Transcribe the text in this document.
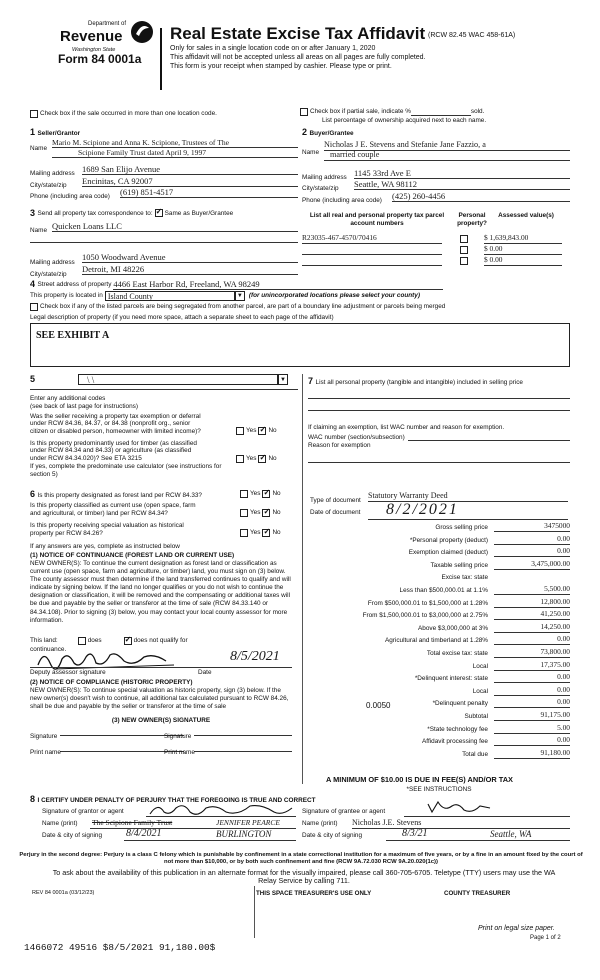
Department of
Revenue
Washington State
Form 84 0001a
Real Estate Excise Tax Affidavit (RCW 82.45 WAC 458-61A)
Only for sales in a single location code on or after January 1, 2020
This affidavit will not be accepted unless all areas on all pages are fully completed.
This form is your receipt when stamped by cashier. Please type or print.
Check box if the sale occurred in more than one location code.	Check box if partial sale, indicate %	sold.
List percentage of ownership acquired next to each name.
1 Seller/Grantor
Name
Mario M. Scipione and Anna K. Scipione, Trustees of The
Scipione Family Trust dated April 9, 1997
Mailing address 1689 San Elijo Avenue
City/state/zip Encinitas, CA 92007
Phone (including area code) (619) 851-4517
2 Buyer/Grantee
Name
Nicholas J E. Stevens and Stefanie Jane Fazzio, a
married couple
Mailing address 1145 33rd Ave E
City/state/zip Seattle, WA 98112
Phone (including area code) (425) 260-4456
3 Send all property tax correspondence to: ✓ Same as Buyer/Grantee
Name Quicken Loans LLC
Mailing address
1050 Woodward Avenue
City/state/zip
Detroit, MI 48226
List all real and personal property tax parcel account numbers
Personal property?
Assessed value(s)
R23035-467-4570/70416	$ 1,639,843.00
$ 0.00
$ 0.00
4 Street address of property 4466 East Harbor Rd, Freeland, WA 98249
This property is located in Island County	▼ (for unincorporated locations please select your county)
Check box if any of the listed parcels are being segregated from another parcel, are part of a boundary line adjustment or parcels being merged
Legal description of property (if you need more space, attach a separate sheet to each page of the affidavit)
SEE EXHIBIT A
5	\ \	▼
Enter any additional codes
(see back of last page for instructions)
Was the seller receiving a property tax exemption or deferral
under RCW 84.36, 84.37, or 84.38 (nonprofit org., senior
citizen or disabled person, homeowner with limited income)?	Yes ✓ No
Is this property predominantly used for timber (as classified
under RCW 84.34 and 84.33) or agriculture (as classified
under RCW 84.34.020)? See ETA 3215	Yes ✓ No
If yes, complete the predominate use calculator (see instructions for
section 5)
6 Is this property designated as forest land per RCW 84.33?	Yes ✓ No
Is this property classified as current use (open space, farm
and agricultural, or timber) land per RCW 84.34?	Yes ✓ No
Is this property receiving special valuation as historical
property per RCW 84.26?	Yes ✓ No
If any answers are yes, complete as instructed below
(1) NOTICE OF CONTINUANCE (FOREST LAND OR CURRENT USE)
NEW OWNER(S): To continue the current designation as forest land or classification as current use (open space, farm and agriculture, or timber) land, you must sign on (3) below. The county assessor must then determine if the land transferred continues to qualify and will indicate by signing below. If the land no longer qualifies or you do not wish to continue the designation or classification, it will be removed and the compensating or additional taxes will be due and payable by the seller or transferor at the time of sale (RCW 84.33.140 or 84.34.108). Prior to signing (3) below, you may contact your local county assessor for more information.
This land:	does ✓	does not qualify for
continuance.	8/5/2021
Deputy assessor signature	Date
(2) NOTICE OF COMPLIANCE (HISTORIC PROPERTY)
NEW OWNER(S): To continue special valuation as historic property, sign (3) below. If the new owner(s) doesn't wish to continue, all additional tax calculated pursuant to RCW 84.26, shall be due and payable by the seller or transferor at the time of sale
(3) NEW OWNER(S) SIGNATURE
Signature	Signature
Print name	Print name
7 List all personal property (tangible and intangible) included in selling price
If claiming an exemption, list WAC number and reason for exemption.
WAC number (section/subsection)
Reason for exemption
Type of document
Statutory Warranty Deed
Date of document	8/2/2021
Gross selling price	3475000
*Personal property (deduct)	0.00
Exemption claimed (deduct)	0.00
Taxable selling price	3,475,000.00
Excise tax: state
Less than $500,000.01 at 1.1%	5,500.00
From $500,000.01 to $1,500,000 at 1.28%	12,800.00
From $1,500,000.01 to $3,000,000 at 2.75%	41,250.00
Above $3,000,000 at 3%	14,250.00
Agricultural and timberland at 1.28%	0.00
Total excise tax: state	73,800.00
Local	17,375.00
*Delinquent interest: state	0.00
Local	0.00
*Delinquent penalty	0.00
Subtotal	91,175.00
*State technology fee	5.00
Affidavit processing fee	0.00
Total due	91,180.00
0.0050
A MINIMUM OF $10.00 IS DUE IN FEE(S) AND/OR TAX
*SEE INSTRUCTIONS
8 I CERTIFY UNDER PENALTY OF PERJURY THAT THE FOREGOING IS TRUE AND CORRECT
Signature of grantor or agent
Name (print) The Scipione Family Trust	JENNIFER PEARCE
Date & city of signing 8/4/2021	BURLINGTON
Signature of grantee or agent
Name (print) Nicholas J.E. Stevens
Date & city of signing	8/3/21	Seattle, WA
Perjury in the second degree: Perjury is a class C felony which is punishable by confinement in a state correctional institution for a maximum of five years, or by a fine in an amount fixed by the court of not more than $10,000, or by both such confinement and fine (RCW 9A.72.030 RCW 9A.20.020(1c))
To ask about the availability of this publication in an alternate format for the visually impaired, please call 360-705-6705. Teletype (TTY) users may use the WA Relay Service by calling 711.
REV 84 0001a (03/12/23)	THIS SPACE TREASURER'S USE ONLY	COUNTY TREASURER
Print on legal size paper.
Page 1 of 2
1466072 49516 $8/5/2021 91,180.00$
